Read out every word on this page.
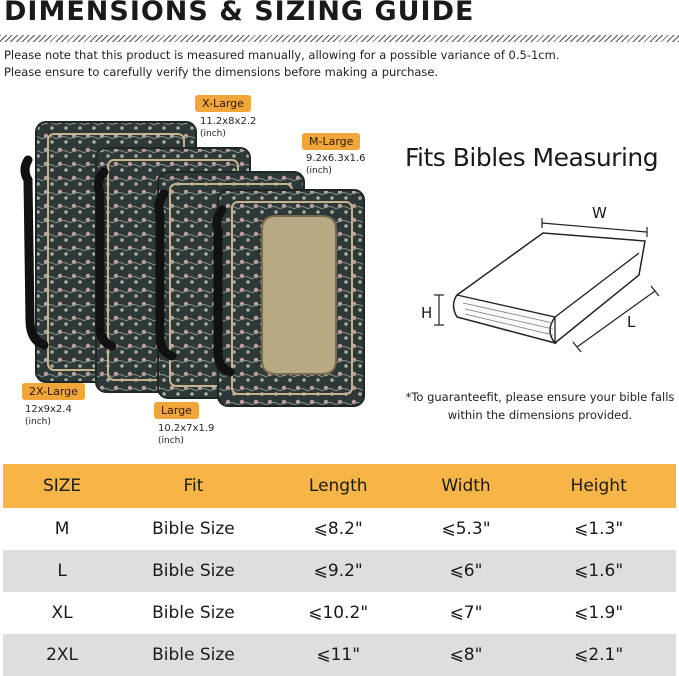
DIMENSIONS & SIZING GUIDE
Please note that this product is measured manually, allowing for a possible variance of 0.5-1cm.
Please ensure to carefully verify the dimensions before making a purchase.
X-Large
11.2x8x2.2
(inch)
M-Large
9.2x6.3x1.6
(inch)
2X-Large
12x9x2.4
(inch)
Large
10.2x7x1.9
(inch)
Fits Bibles Measuring
W
H	L
*To guaranteefit, please ensure your bible falls within the dimensions provided.
SIZE	Fit	Length	Width	Height
M	Bible Size	⩽8.2"	⩽5.3"	⩽1.3"
L	Bible Size	⩽9.2"	⩽6"	⩽1.6"
XL	Bible Size	⩽10.2"	⩽7"	⩽1.9"
2XL	Bible Size	⩽11"	⩽8"	⩽2.1"
